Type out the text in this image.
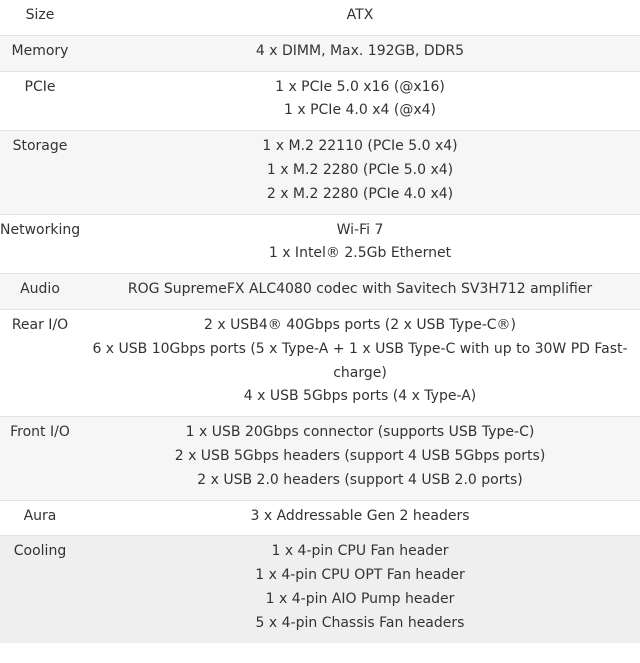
Size	ATX

Memory	4 x DIMM, Max. 192GB, DDR5

PCIe	1 x PCIe 5.0 x16 (@x16)
1 x PCIe 4.0 x4 (@x4)

Storage	1 x M.2 22110 (PCIe 5.0 x4)
1 x M.2 2280 (PCIe 5.0 x4)
2 x M.2 2280 (PCIe 4.0 x4)

Networking	Wi-Fi 7
1 x Intel® 2.5Gb Ethernet

Audio	ROG SupremeFX ALC4080 codec with Savitech SV3H712 amplifier

Rear I/O	2 x USB4® 40Gbps ports (2 x USB Type-C®)
6 x USB 10Gbps ports (5 x Type-A + 1 x USB Type-C with up to 30W PD Fast-charge)
4 x USB 5Gbps ports (4 x Type-A)

Front I/O	1 x USB 20Gbps connector (supports USB Type-C)
2 x USB 5Gbps headers (support 4 USB 5Gbps ports)
2 x USB 2.0 headers (support 4 USB 2.0 ports)

Aura	3 x Addressable Gen 2 headers

Cooling	1 x 4-pin CPU Fan header
1 x 4-pin CPU OPT Fan header
1 x 4-pin AIO Pump header
5 x 4-pin Chassis Fan headers
